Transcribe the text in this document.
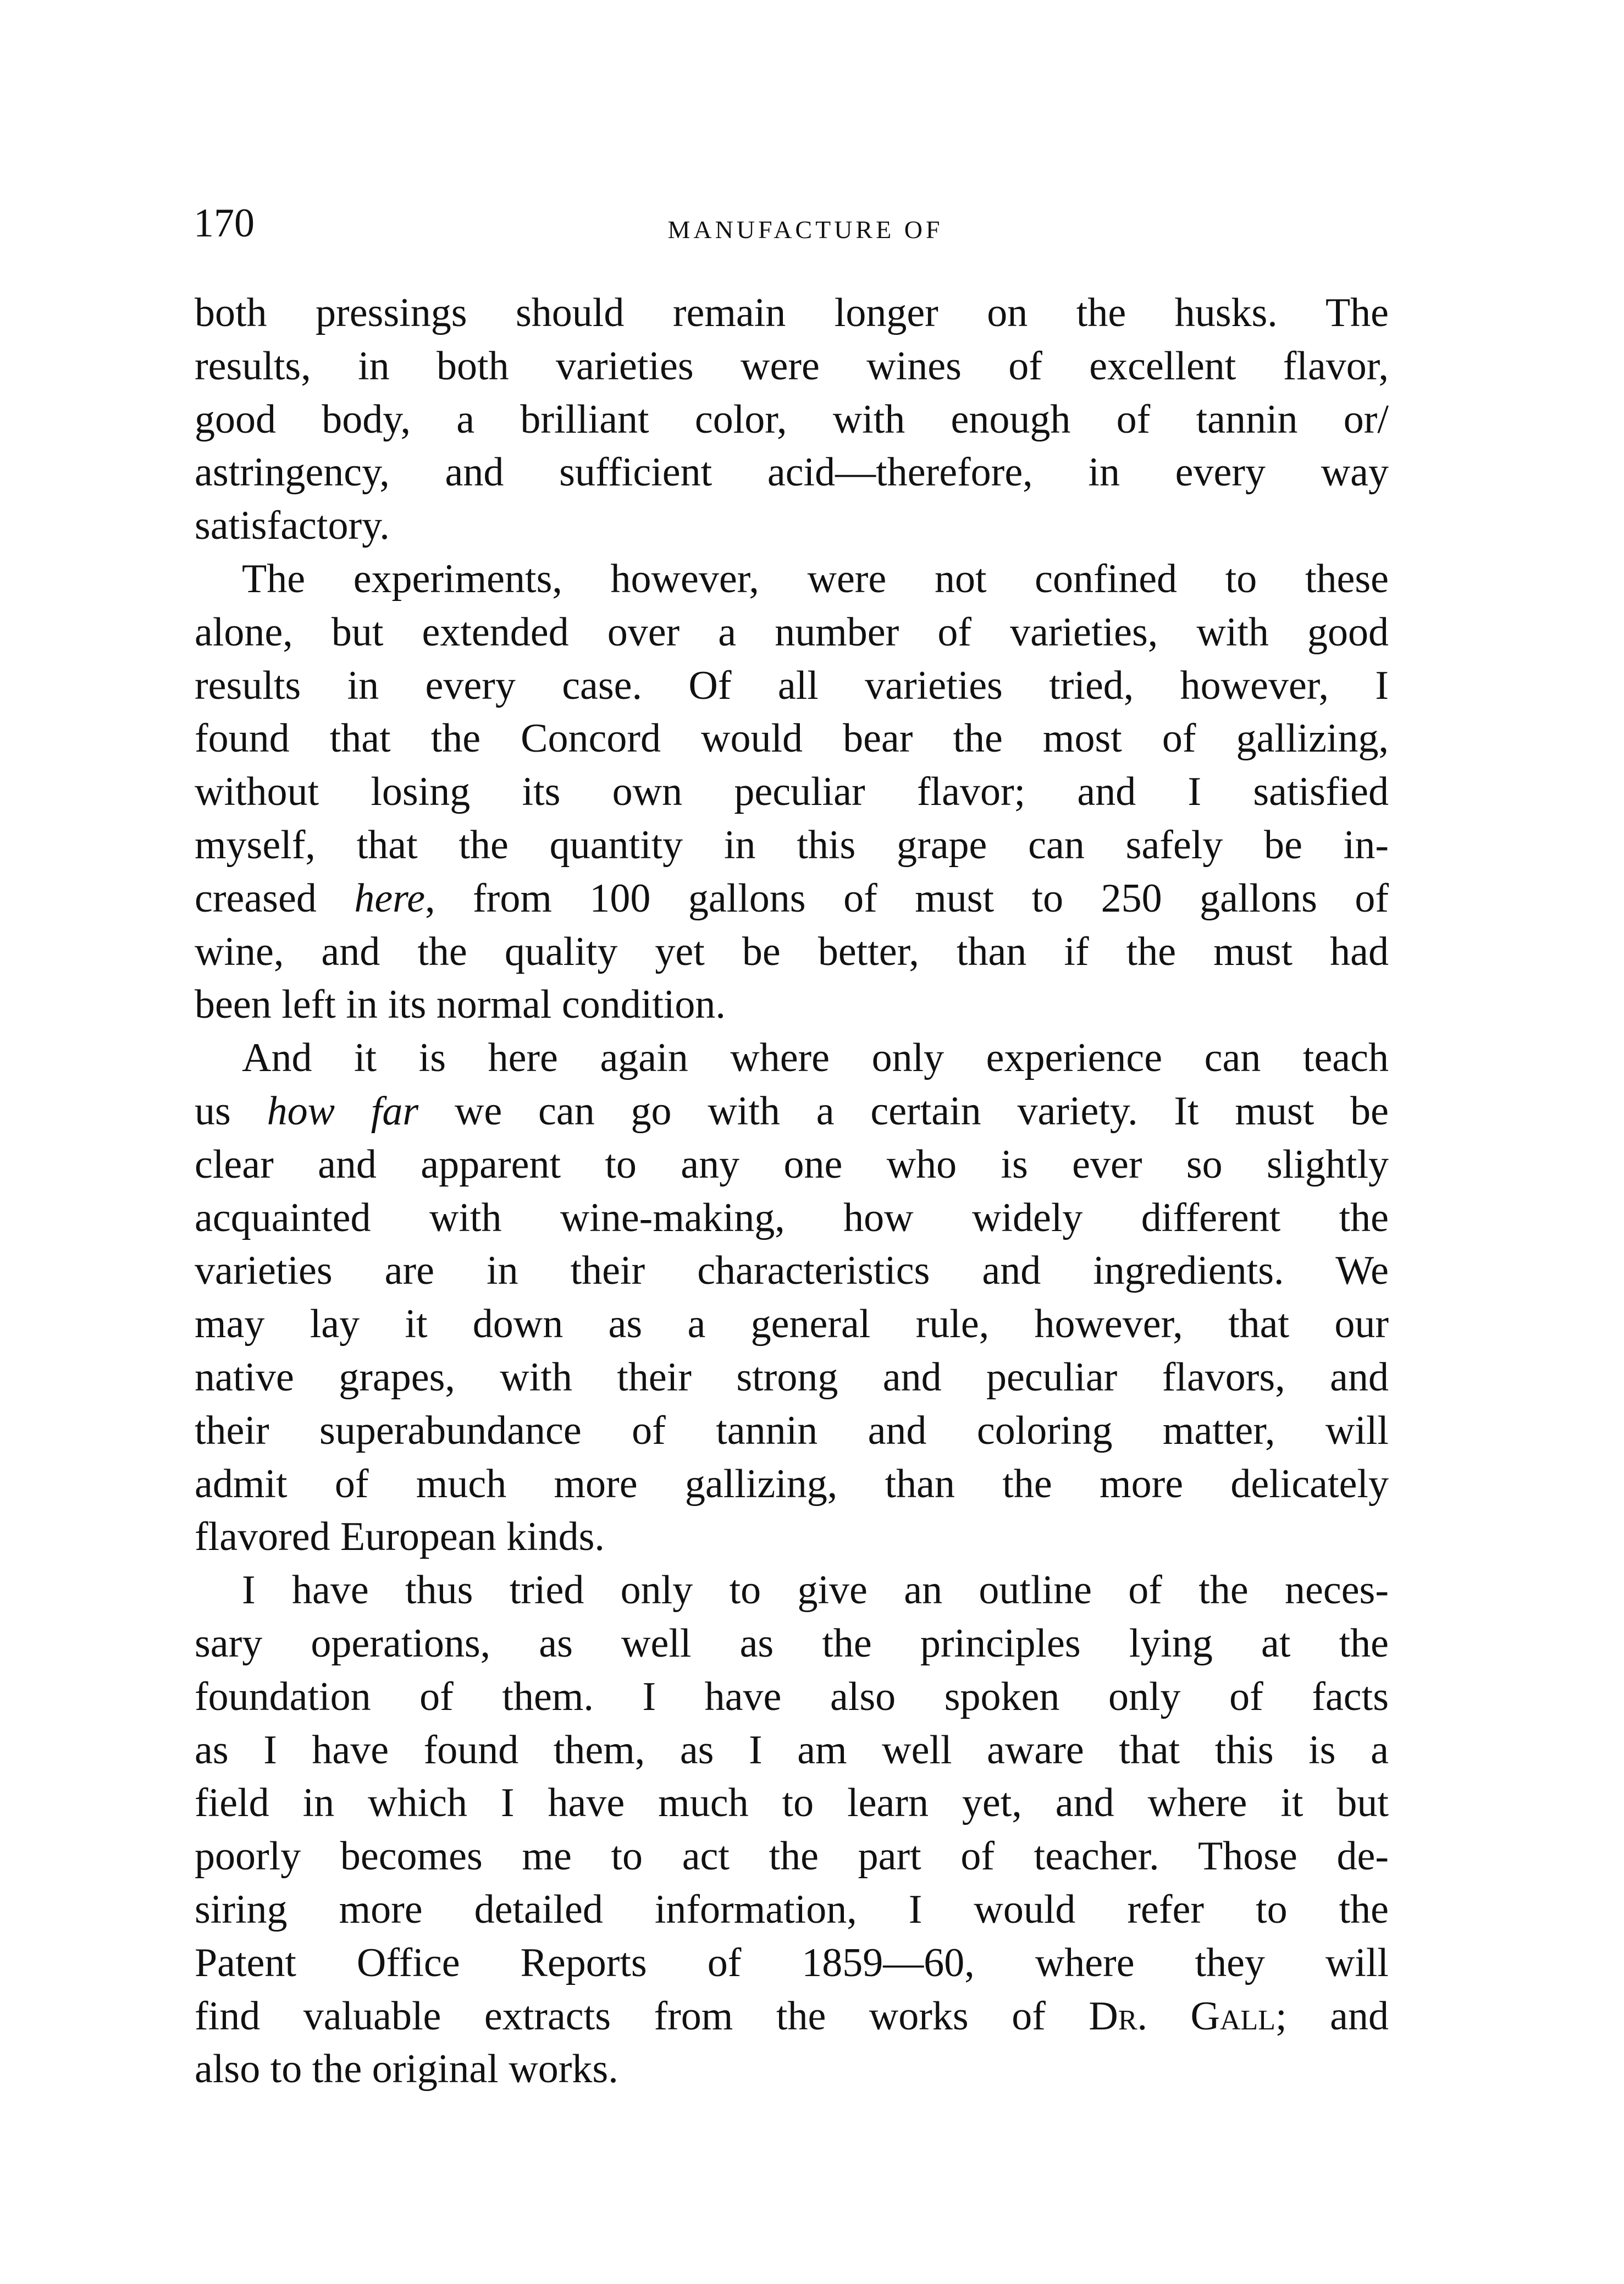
170	MANUFACTURE OF
both pressings should remain longer on the husks. The
results, in both varieties were wines of excellent flavor,
good body, a brilliant color, with enough of tannin or/
astringency, and sufficient acid—therefore, in every way
satisfactory.
The experiments, however, were not confined to these
alone, but extended over a number of varieties, with good
results in every case. Of all varieties tried, however, I
found that the Concord would bear the most of gallizing,
without losing its own peculiar flavor; and I satisfied
myself, that the quantity in this grape can safely be in-
creased here, from 100 gallons of must to 250 gallons of
wine, and the quality yet be better, than if the must had
been left in its normal condition.
And it is here again where only experience can teach
us how far we can go with a certain variety. It must be
clear and apparent to any one who is ever so slightly
acquainted with wine-making, how widely different the
varieties are in their characteristics and ingredients. We
may lay it down as a general rule, however, that our
native grapes, with their strong and peculiar flavors, and
their superabundance of tannin and coloring matter, will
admit of much more gallizing, than the more delicately
flavored European kinds.
I have thus tried only to give an outline of the neces-
sary operations, as well as the principles lying at the
foundation of them. I have also spoken only of facts
as I have found them, as I am well aware that this is a
field in which I have much to learn yet, and where it but
poorly becomes me to act the part of teacher. Those de-
siring more detailed information, I would refer to the
Patent Office Reports of 1859—60, where they will
find valuable extracts from the works of Dr. Gall; and
also to the original works.
